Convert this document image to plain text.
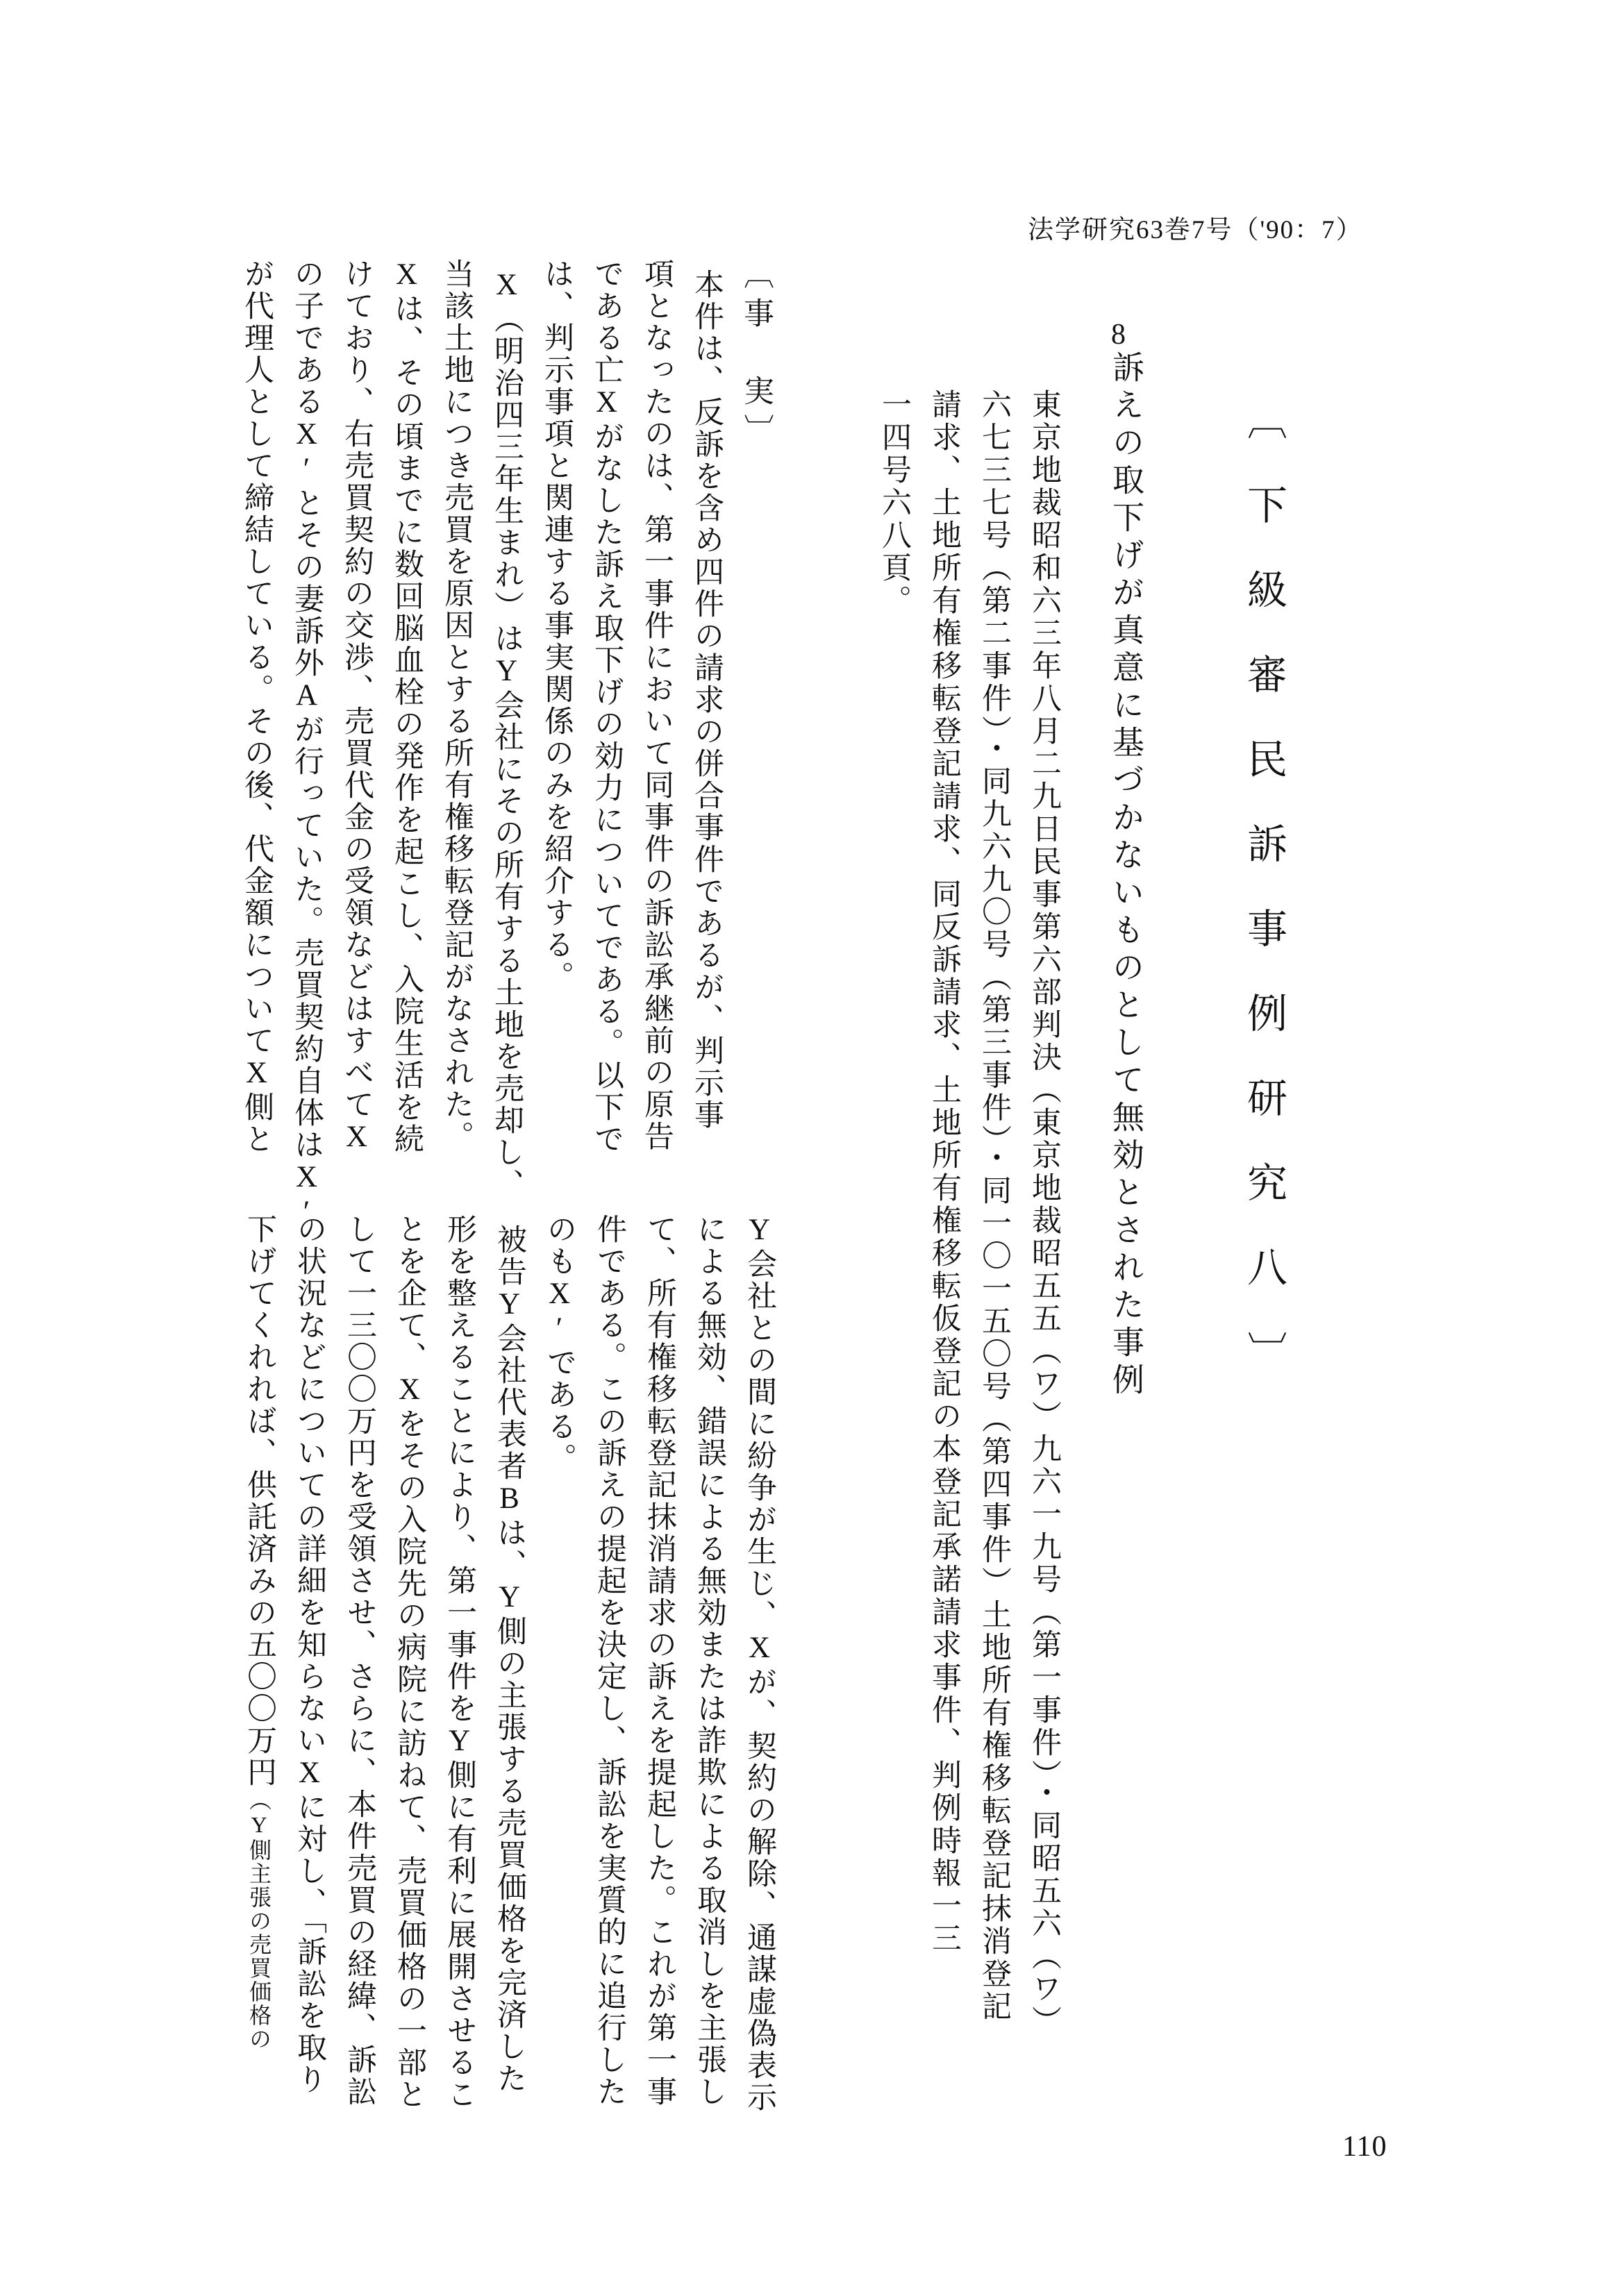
法学研究63巻7号（'90：7）
〔下級審民訴事例研究八〕
8
訴えの取下げが真意に基づかないものとして無効とされた事例
東京地裁昭和六三年八月二九日民事第六部判決（東京地裁昭五五（ワ）九六一九号（第一事件）・同昭五六（ワ）
六七三七号（第二事件）・同九六九〇号（第三事件）・同一〇一五〇号（第四事件）土地所有権移転登記抹消登記
請求、土地所有権移転登記請求、同反訴請求、土地所有権移転仮登記の本登記承諾請求事件、判例時報一三
一四号六八頁。
〔事　実〕
本件は、反訴を含め四件の請求の併合事件であるが、判示事
項となったのは、第一事件において同事件の訴訟承継前の原告
である亡Xがなした訴え取下げの効力についてである。以下で
は、判示事項と関連する事実関係のみを紹介する。
X（明治四三年生まれ）はY会社にその所有する土地を売却し、
当該土地につき売買を原因とする所有権移転登記がなされた。
Xは、その頃までに数回脳血栓の発作を起こし、入院生活を続
けており、右売買契約の交渉、売買代金の受領などはすべてX
の子であるX′とその妻訴外Aが行っていた。売買契約自体はX′
が代理人として締結している。その後、代金額についてX側と
Y会社との間に紛争が生じ、Xが、契約の解除、通謀虚偽表示
による無効、錯誤による無効または詐欺による取消しを主張し
て、所有権移転登記抹消請求の訴えを提起した。これが第一事
件である。この訴えの提起を決定し、訴訟を実質的に追行した
のもX′である。
被告Y会社代表者Bは、Y側の主張する売買価格を完済した
形を整えることにより、第一事件をY側に有利に展開させるこ
とを企て、Xをその入院先の病院に訪ねて、売買価格の一部と
して一三〇〇万円を受領させ、さらに、本件売買の経緯、訴訟
の状況などについての詳細を知らないXに対し、「訴訟を取り
下げてくれれば、供託済みの五〇〇万円（Y側主張の売買価格の
110
